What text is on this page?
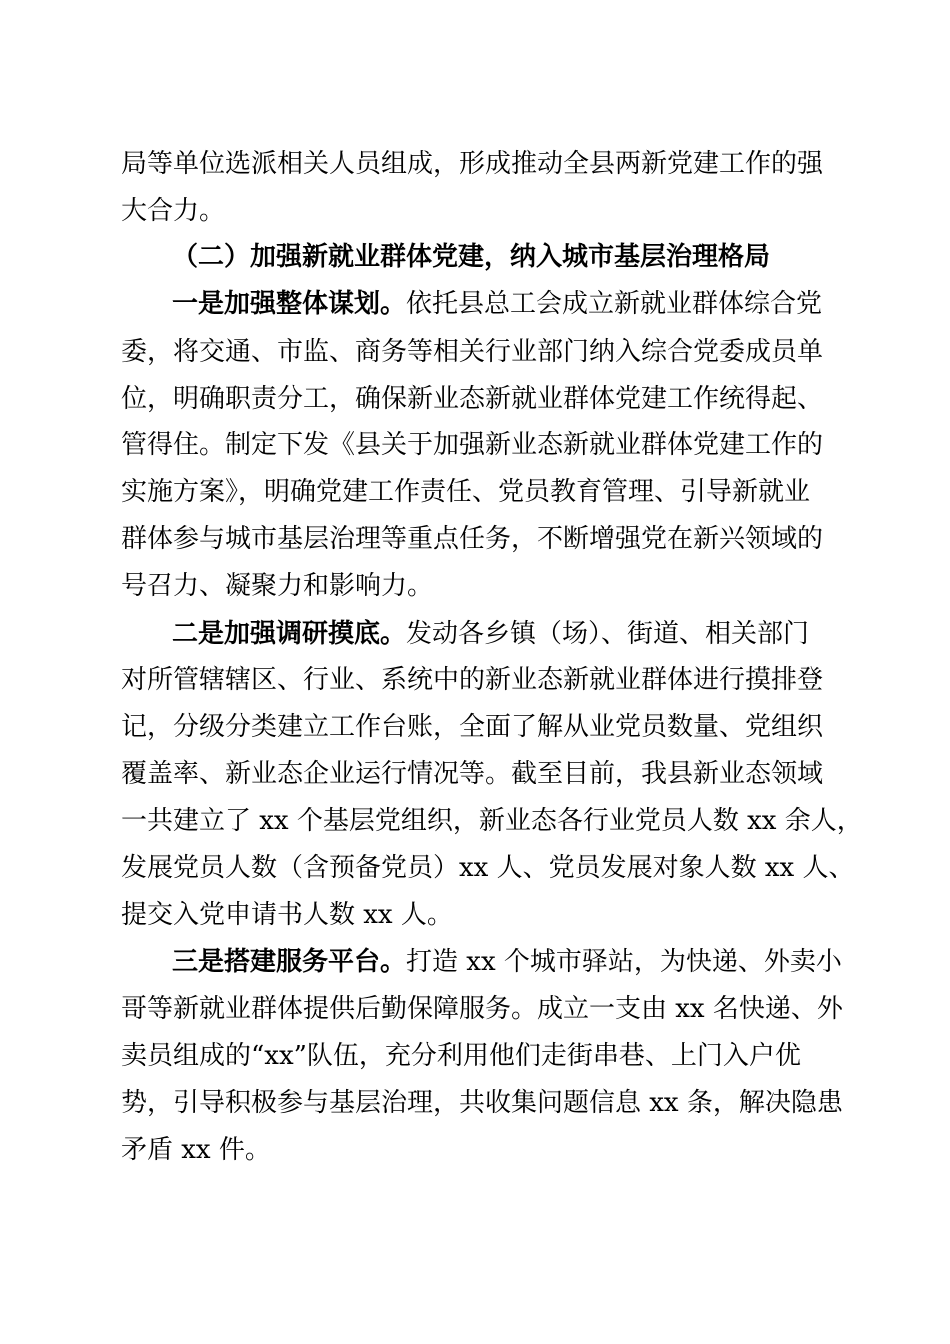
局等单位选派相关人员组成，形成推动全县两新党建工作的强
大合力。
（二）加强新就业群体党建，纳入城市基层治理格局
一是加强整体谋划。依托县总工会成立新就业群体综合党
委，将交通、市监、商务等相关行业部门纳入综合党委成员单
位，明确职责分工，确保新业态新就业群体党建工作统得起、
管得住。制定下发《县关于加强新业态新就业群体党建工作的
实施方案》，明确党建工作责任、党员教育管理、引导新就业
群体参与城市基层治理等重点任务，不断增强党在新兴领域的
号召力、凝聚力和影响力。
二是加强调研摸底。发动各乡镇（场）、街道、相关部门
对所管辖辖区、行业、系统中的新业态新就业群体进行摸排登
记，分级分类建立工作台账，全面了解从业党员数量、党组织
覆盖率、新业态企业运行情况等。截至目前，我县新业态领域
一共建立了 xx 个基层党组织，新业态各行业党员人数 xx 余人，
发展党员人数（含预备党员）xx 人、党员发展对象人数 xx 人、
提交入党申请书人数 xx 人。
三是搭建服务平台。打造 xx 个城市驿站，为快递、外卖小
哥等新就业群体提供后勤保障服务。成立一支由 xx 名快递、外
卖员组成的“xx”队伍，充分利用他们走街串巷、上门入户优
势，引导积极参与基层治理，共收集问题信息 xx 条，解决隐患
矛盾 xx 件。
